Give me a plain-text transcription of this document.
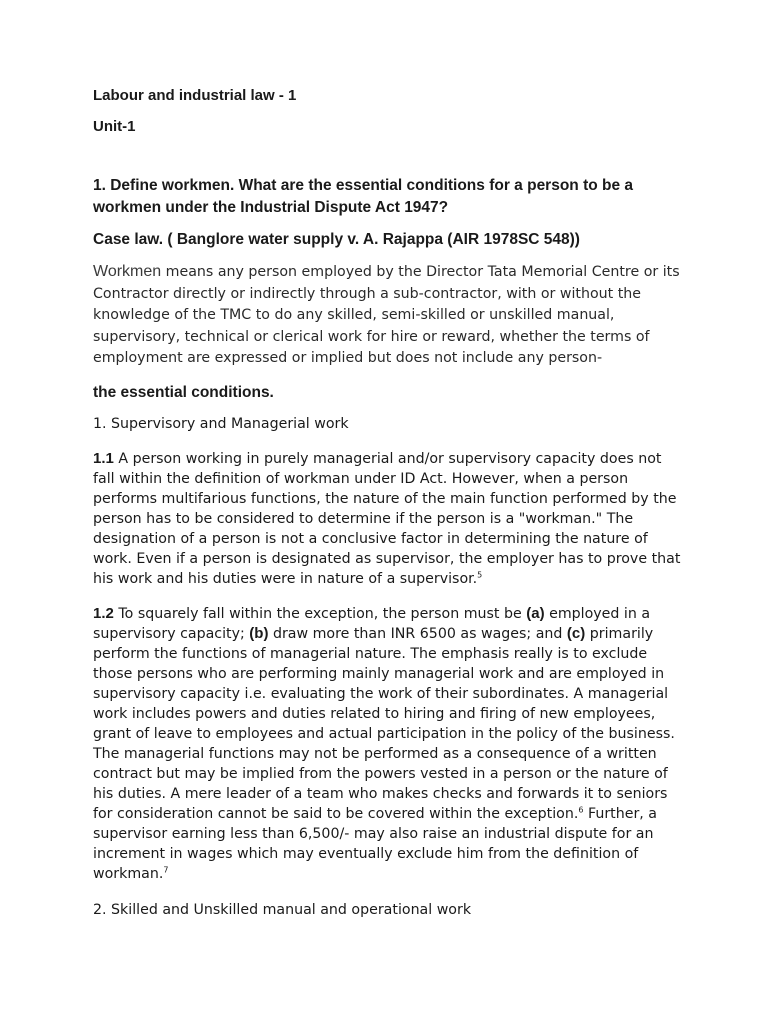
Labour and industrial law - 1

Unit-1

1. Define workmen. What are the essential conditions for a person to be a workmen under the Industrial Dispute Act 1947?

Case law. ( Banglore water supply v. A. Rajappa (AIR 1978SC 548))

Workmen means any person employed by the Director Tata Memorial Centre or its Contractor directly or indirectly through a sub-contractor, with or without the knowledge of the TMC to do any skilled, semi-skilled or unskilled manual, supervisory, technical or clerical work for hire or reward, whether the terms of employment are expressed or implied but does not include any person-

the essential conditions.

1. Supervisory and Managerial work

1.1 A person working in purely managerial and/or supervisory capacity does not fall within the definition of workman under ID Act. However, when a person performs multifarious functions, the nature of the main function performed by the person has to be considered to determine if the person is a "workman." The designation of a person is not a conclusive factor in determining the nature of work. Even if a person is designated as supervisor, the employer has to prove that his work and his duties were in nature of a supervisor.$^5$

1.2 To squarely fall within the exception, the person must be (a) employed in a supervisory capacity; (b) draw more than INR 6500 as wages; and (c) primarily perform the functions of managerial nature. The emphasis really is to exclude those persons who are performing mainly managerial work and are employed in supervisory capacity i.e. evaluating the work of their subordinates. A managerial work includes powers and duties related to hiring and firing of new employees, grant of leave to employees and actual participation in the policy of the business. The managerial functions may not be performed as a consequence of a written contract but may be implied from the powers vested in a person or the nature of his duties. A mere leader of a team who makes checks and forwards it to seniors for consideration cannot be said to be covered within the exception.$^6$ Further, a supervisor earning less than 6,500/- may also raise an industrial dispute for an increment in wages which may eventually exclude him from the definition of workman.$^7$

2. Skilled and Unskilled manual and operational work
